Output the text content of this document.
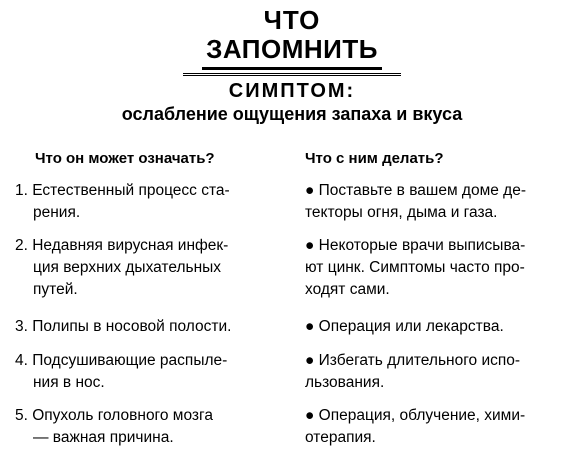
ЧТО
ЗАПОМНИТЬ
СИМПТОМ:
ослабление ощущения запаха и вкуса
Что он может означать?	Что с ним делать?
1. Естественный процесс ста-
рения.
● Поставьте в вашем доме де-
текторы огня, дыма и газа.
2. Недавняя вирусная инфек-
ция верхних дыхательных
путей.
● Некоторые врачи выписыва-
ют цинк. Симптомы часто про-
ходят сами.
3. Полипы в носовой полости.	● Операция или лекарства.
4. Подсушивающие распыле-
ния в нос.
● Избегать длительного испо-
льзования.
5. Опухоль головного мозга
— важная причина.
● Операция, облучение, хими-
отерапия.
